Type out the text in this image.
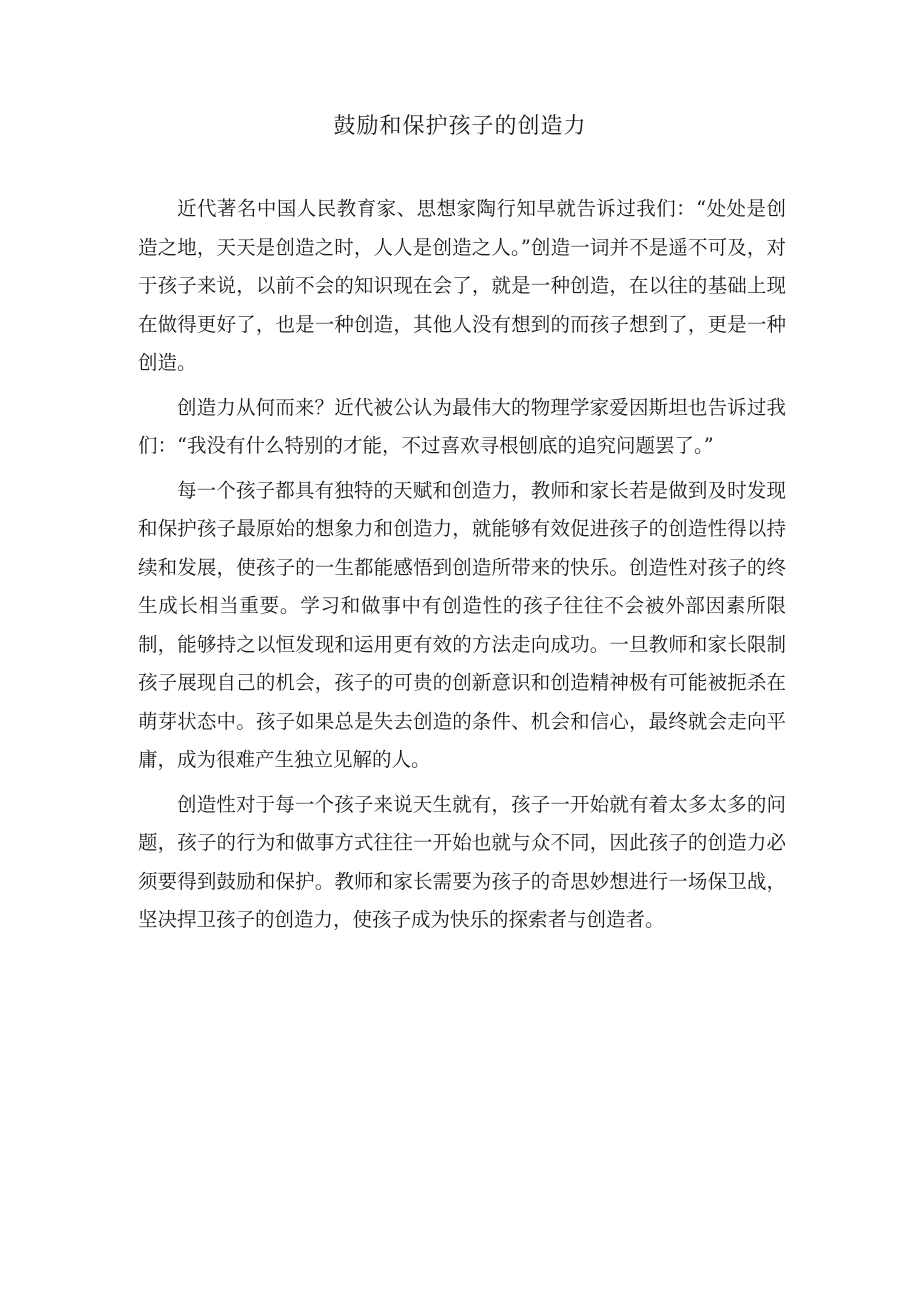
鼓励和保护孩子的创造力

近代著名中国人民教育家、思想家陶行知早就告诉过我们：“处处是创造之地，天天是创造之时，人人是创造之人。”创造一词并不是遥不可及，对于孩子来说，以前不会的知识现在会了，就是一种创造，在以往的基础上现在做得更好了，也是一种创造，其他人没有想到的而孩子想到了，更是一种创造。

创造力从何而来？近代被公认为最伟大的物理学家爱因斯坦也告诉过我们：“我没有什么特别的才能，不过喜欢寻根刨底的追究问题罢了。”

每一个孩子都具有独特的天赋和创造力，教师和家长若是做到及时发现和保护孩子最原始的想象力和创造力，就能够有效促进孩子的创造性得以持续和发展，使孩子的一生都能感悟到创造所带来的快乐。创造性对孩子的终生成长相当重要。学习和做事中有创造性的孩子往往不会被外部因素所限制，能够持之以恒发现和运用更有效的方法走向成功。一旦教师和家长限制孩子展现自己的机会，孩子的可贵的创新意识和创造精神极有可能被扼杀在萌芽状态中。孩子如果总是失去创造的条件、机会和信心，最终就会走向平庸，成为很难产生独立见解的人。

创造性对于每一个孩子来说天生就有，孩子一开始就有着太多太多的问题，孩子的行为和做事方式往往一开始也就与众不同，因此孩子的创造力必须要得到鼓励和保护。教师和家长需要为孩子的奇思妙想进行一场保卫战，坚决捍卫孩子的创造力，使孩子成为快乐的探索者与创造者。
